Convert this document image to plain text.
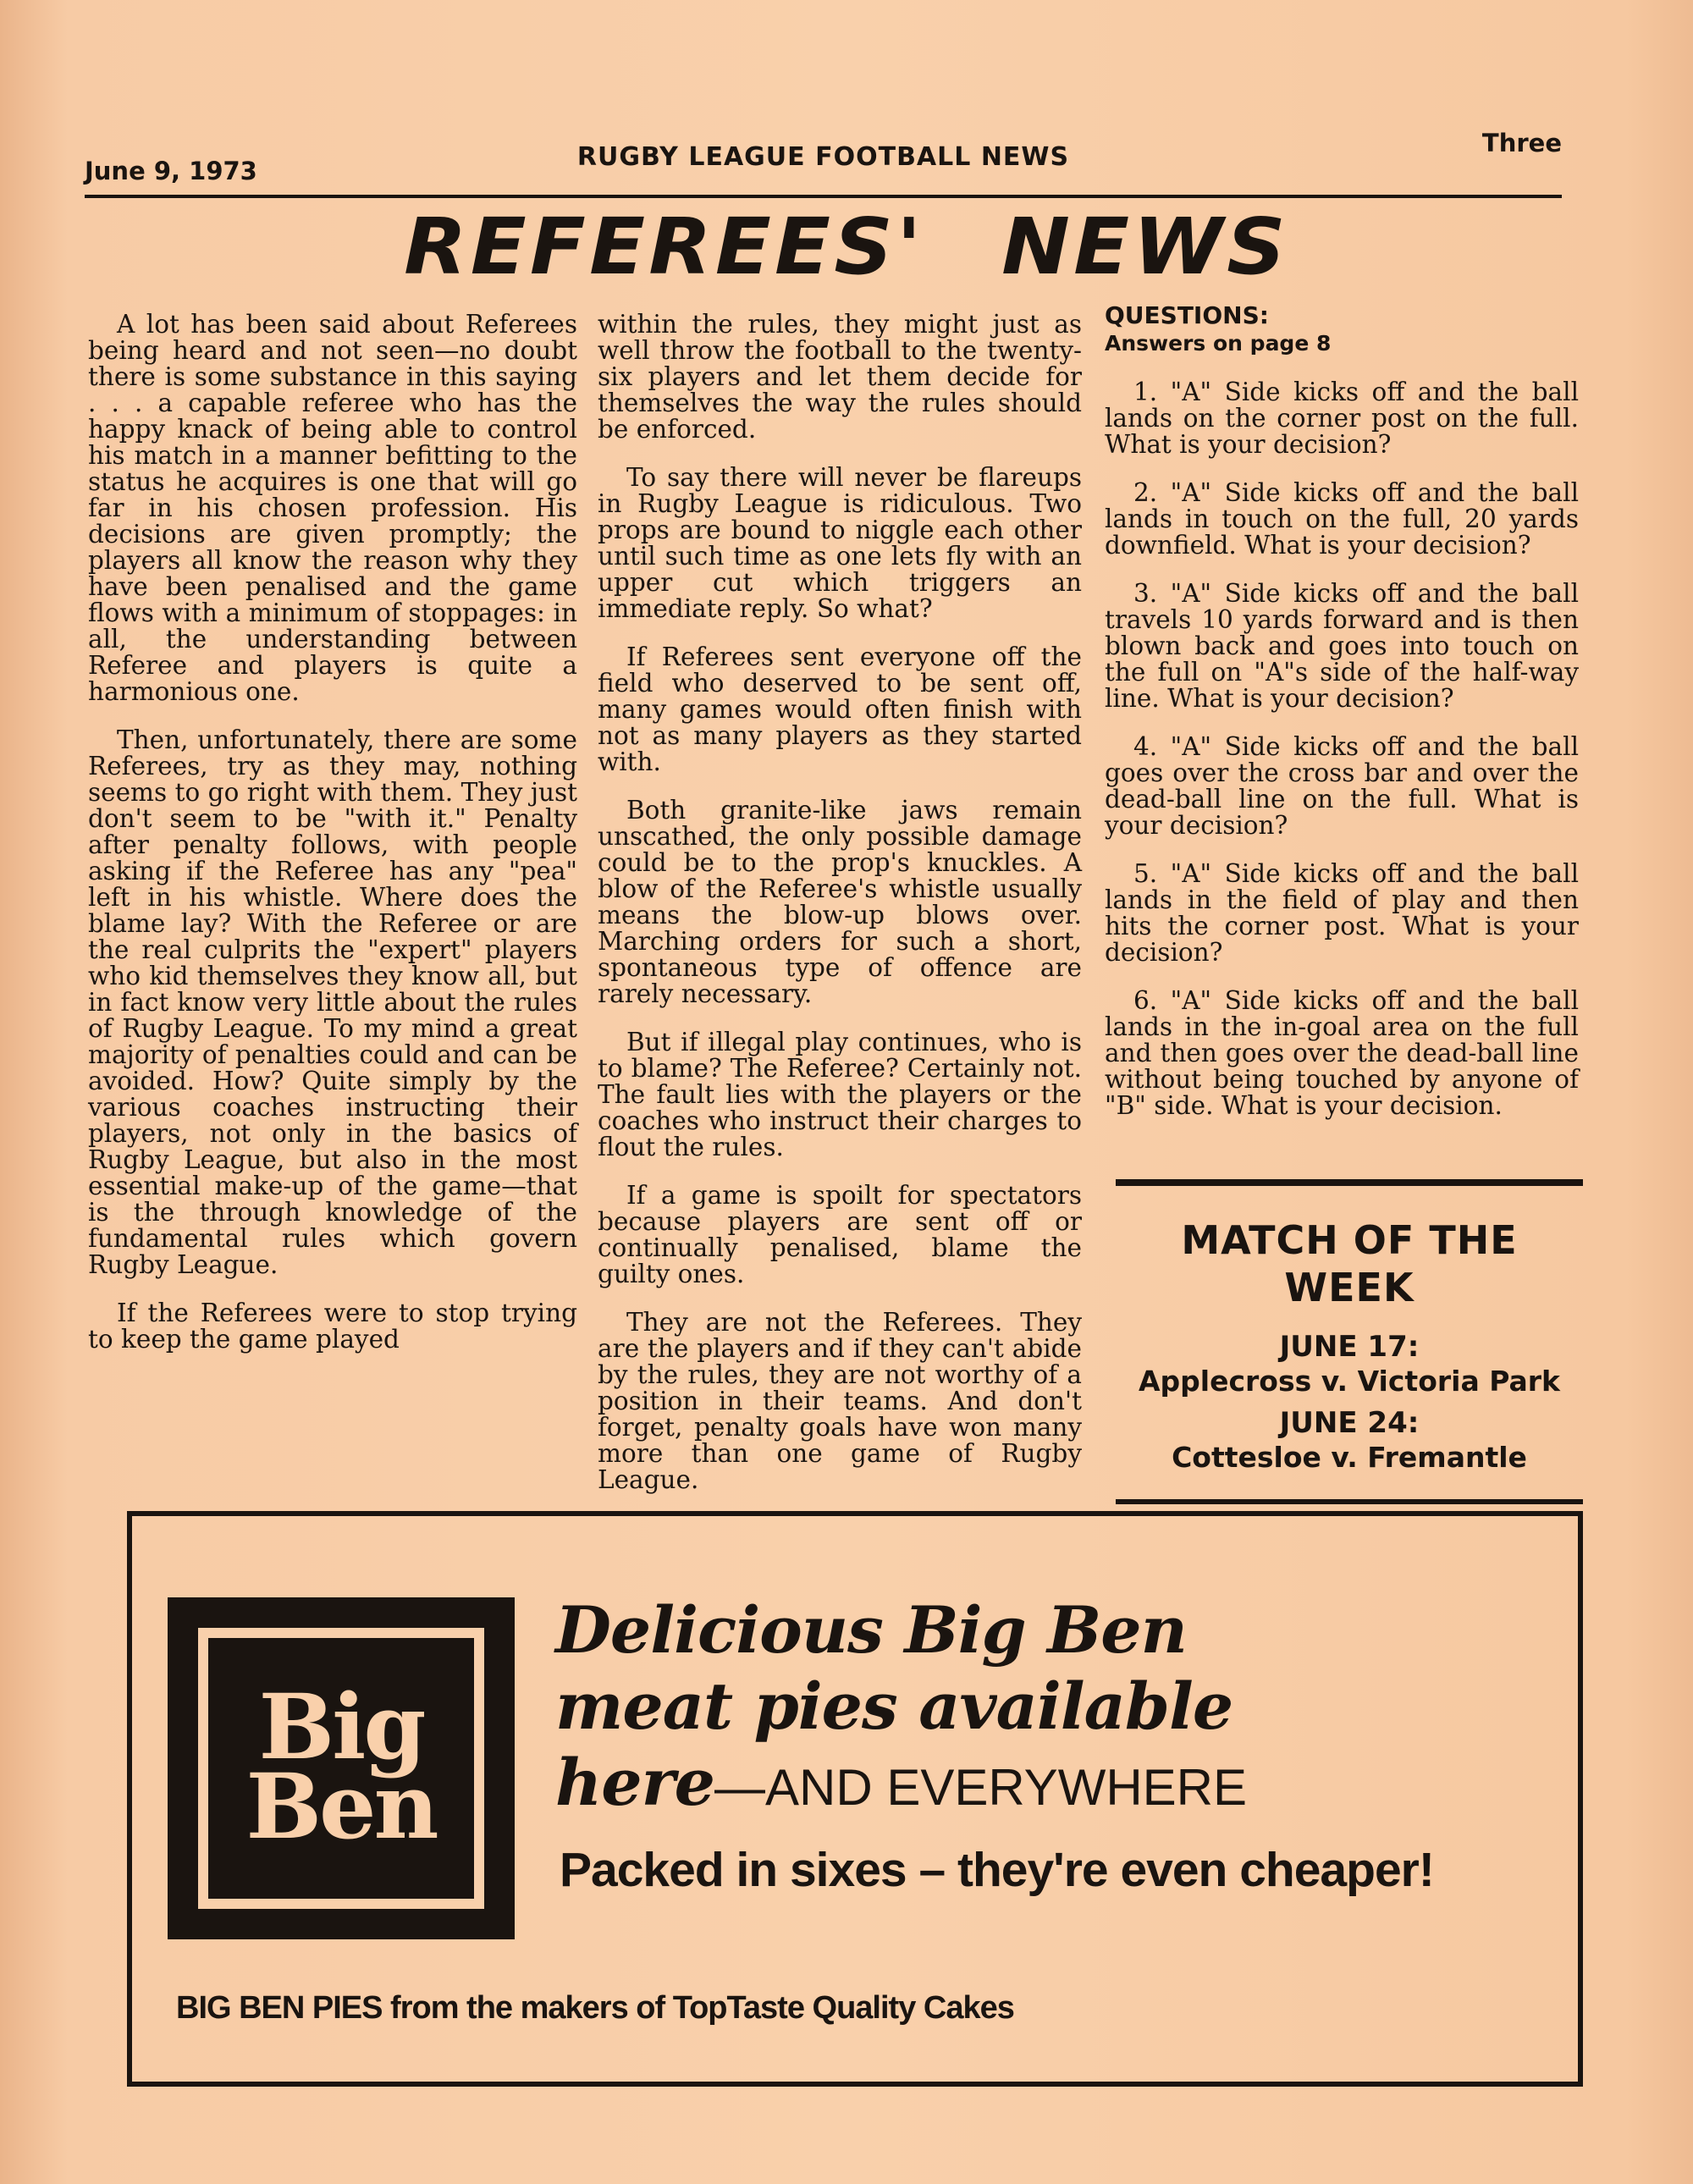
June 9, 1973	RUGBY LEAGUE FOOTBALL NEWS	Three
REFEREES' NEWS

A lot has been said about Referees being heard and not seen—no doubt there is some substance in this saying . . . a capable referee who has the happy knack of being able to control his match in a manner befitting to the status he acquires is one that will go far in his chosen profession. His decisions are given promptly; the players all know the reason why they have been penalised and the game flows with a minimum of stoppages: in all, the understanding between Referee and players is quite a harmonious one.

Then, unfortunately, there are some Referees, try as they may, nothing seems to go right with them. They just don't seem to be "with it." Penalty after penalty follows, with people asking if the Referee has any "pea" left in his whistle. Where does the blame lay? With the Referee or are the real culprits the "expert" players who kid themselves they know all, but in fact know very little about the rules of Rugby League. To my mind a great majority of penalties could and can be avoided. How? Quite simply by the various coaches instructing their players, not only in the basics of Rugby League, but also in the most essential make-up of the game—that is the through knowledge of the fundamental rules which govern Rugby League.

If the Referees were to stop trying to keep the game played

within the rules, they might just as well throw the football to the twenty-six players and let them decide for themselves the way the rules should be enforced.

To say there will never be flareups in Rugby League is ridiculous. Two props are bound to niggle each other until such time as one lets fly with an upper cut which triggers an immediate reply. So what?

If Referees sent everyone off the field who deserved to be sent off, many games would often finish with not as many players as they started with.

Both granite-like jaws remain unscathed, the only possible damage could be to the prop's knuckles. A blow of the Referee's whistle usually means the blow-up blows over. Marching orders for such a short, spontaneous type of offence are rarely necessary.

But if illegal play continues, who is to blame? The Referee? Certainly not. The fault lies with the players or the coaches who instruct their charges to flout the rules.

If a game is spoilt for spectators because players are sent off or continually penalised, blame the guilty ones.

They are not the Referees. They are the players and if they can't abide by the rules, they are not worthy of a position in their teams. And don't forget, penalty goals have won many more than one game of Rugby League.

QUESTIONS:
Answers on page 8

1. "A" Side kicks off and the ball lands on the corner post on the full. What is your decision?

2. "A" Side kicks off and the ball lands in touch on the full, 20 yards downfield. What is your decision?

3. "A" Side kicks off and the ball travels 10 yards forward and is then blown back and goes into touch on the full on "A"s side of the half-way line. What is your decision?

4. "A" Side kicks off and the ball goes over the cross bar and over the dead-ball line on the full. What is your decision?

5. "A" Side kicks off and the ball lands in the field of play and then hits the corner post. What is your decision?

6. "A" Side kicks off and the ball lands in the in-goal area on the full and then goes over the dead-ball line without being touched by anyone of "B" side. What is your decision.

MATCH OF THE WEEK
JUNE 17:
Applecross v. Victoria Park
JUNE 24:
Cottesloe v. Fremantle
Big
Ben
Delicious Big Ben
meat pies available
here—AND EVERYWHERE
Packed in sixes – they're even cheaper!
BIG BEN PIES from the makers of TopTaste Quality Cakes
